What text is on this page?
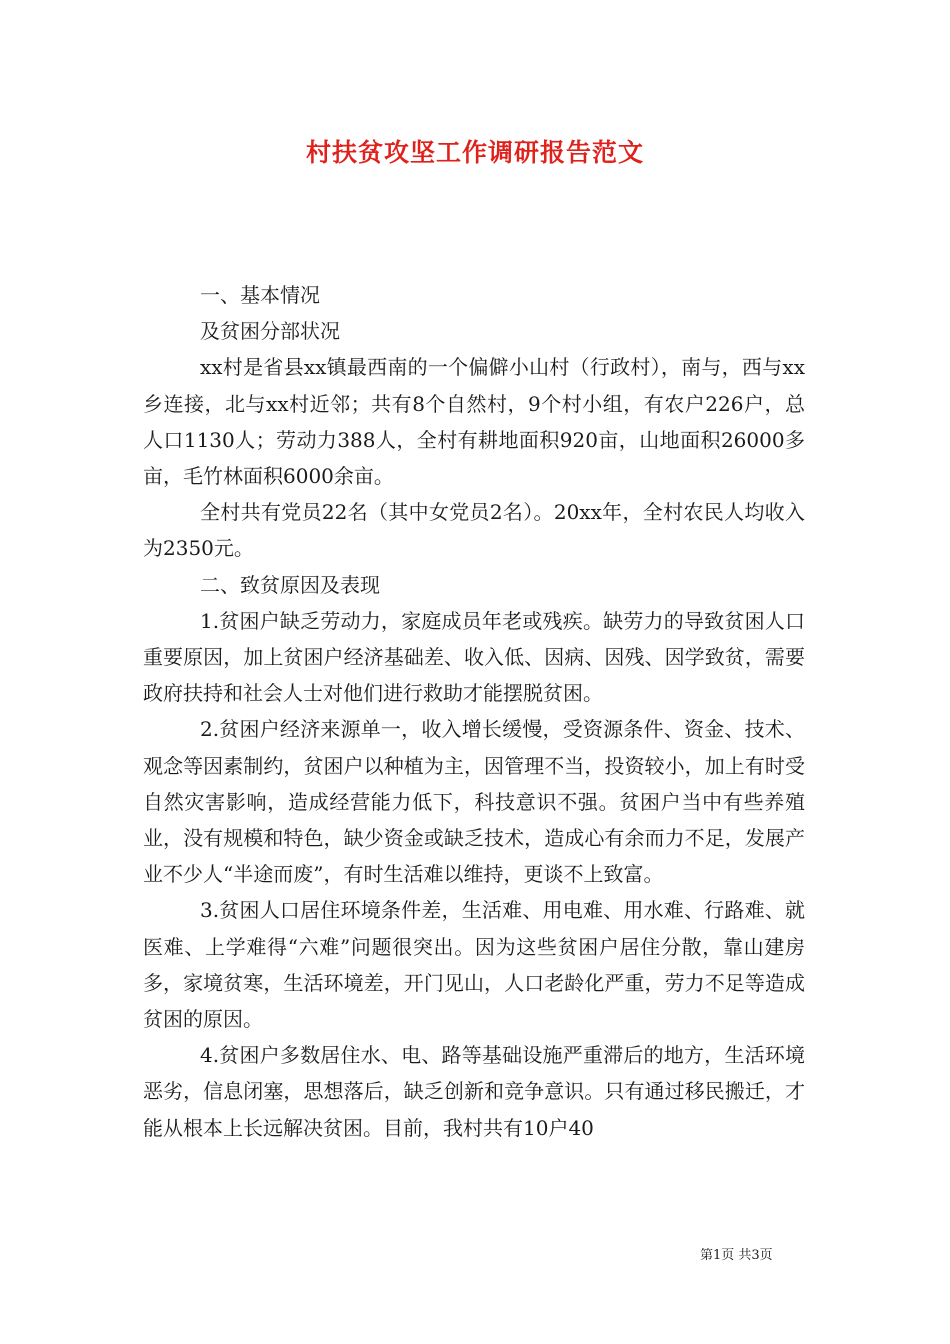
村扶贫攻坚工作调研报告范文

一、基本情况

及贫困分部状况

xx村是省县xx镇最西南的一个偏僻小山村（行政村），南与，西与xx乡连接，北与xx村近邻；共有8个自然村，9个村小组，有农户226户，总人口1130人；劳动力388人，全村有耕地面积920亩，山地面积26000多亩，毛竹林面积6000余亩。

全村共有党员22名（其中女党员2名）。20xx年，全村农民人均收入为2350元。

二、致贫原因及表现

1.贫困户缺乏劳动力，家庭成员年老或残疾。缺劳力的导致贫困人口重要原因，加上贫困户经济基础差、收入低、因病、因残、因学致贫，需要政府扶持和社会人士对他们进行救助才能摆脱贫困。

2.贫困户经济来源单一，收入增长缓慢，受资源条件、资金、技术、观念等因素制约，贫困户以种植为主，因管理不当，投资较小，加上有时受自然灾害影响，造成经营能力低下，科技意识不强。贫困户当中有些养殖业，没有规模和特色，缺少资金或缺乏技术，造成心有余而力不足，发展产业不少人“半途而废”，有时生活难以维持，更谈不上致富。

3.贫困人口居住环境条件差，生活难、用电难、用水难、行路难、就医难、上学难得“六难”问题很突出。因为这些贫困户居住分散，靠山建房多，家境贫寒，生活环境差，开门见山，人口老龄化严重，劳力不足等造成贫困的原因。

4.贫困户多数居住水、电、路等基础设施严重滞后的地方，生活环境恶劣，信息闭塞，思想落后，缺乏创新和竞争意识。只有通过移民搬迁，才能从根本上长远解决贫困。目前，我村共有10户40

第1页 共3页
